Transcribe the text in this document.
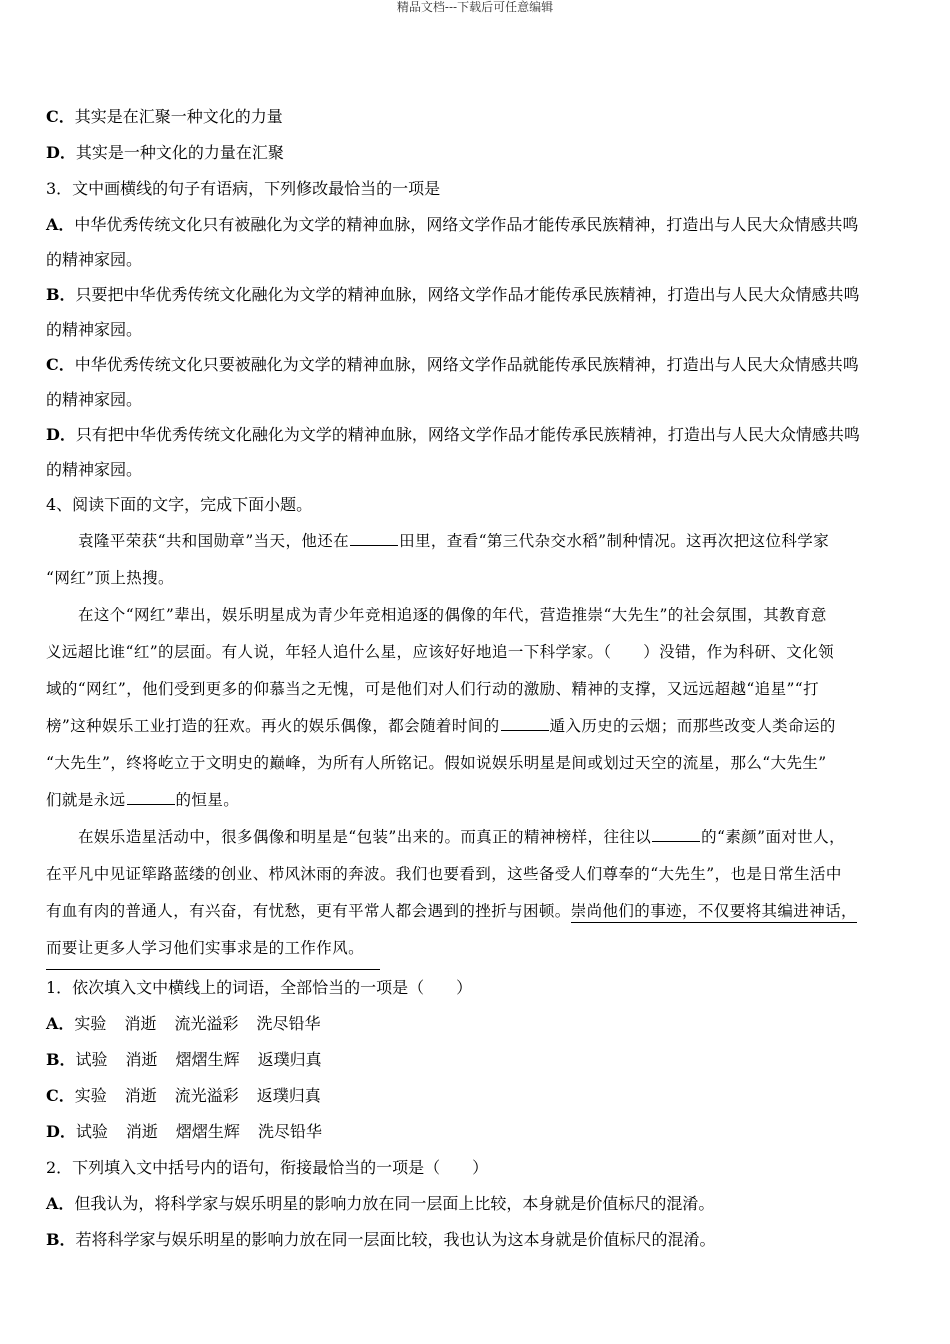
精品文档---下载后可任意编辑
C．其实是在汇聚一种文化的力量
D．其实是一种文化的力量在汇聚
3．文中画横线的句子有语病，下列修改最恰当的一项是
A．中华优秀传统文化只有被融化为文学的精神血脉，网络文学作品才能传承民族精神，打造出与人民大众情感共鸣
的精神家园。
B．只要把中华优秀传统文化融化为文学的精神血脉，网络文学作品才能传承民族精神，打造出与人民大众情感共鸣
的精神家园。
C．中华优秀传统文化只要被融化为文学的精神血脉，网络文学作品就能传承民族精神，打造出与人民大众情感共鸣
的精神家园。
D．只有把中华优秀传统文化融化为文学的精神血脉，网络文学作品才能传承民族精神，打造出与人民大众情感共鸣
的精神家园。
4、阅读下面的文字，完成下面小题。
袁隆平荣获“共和国勋章”当天，他还在	田里，查看“第三代杂交水稻”制种情况。这再次把这位科学家
“网红”顶上热搜。
在这个“网红”辈出，娱乐明星成为青少年竞相追逐的偶像的年代，营造推崇“大先生”的社会氛围，其教育意
义远超比谁“红”的层面。有人说，年轻人追什么星，应该好好地追一下科学家。（　　）没错，作为科研、文化领
域的“网红”，他们受到更多的仰慕当之无愧，可是他们对人们行动的激励、精神的支撑，又远远超越“追星”“打
榜”这种娱乐工业打造的狂欢。再火的娱乐偶像，都会随着时间的	遁入历史的云烟；而那些改变人类命运的
“大先生”，终将屹立于文明史的巅峰，为所有人所铭记。假如说娱乐明星是间或划过天空的流星，那么“大先生”
们就是永远	的恒星。
在娱乐造星活动中，很多偶像和明星是“包装”出来的。而真正的精神榜样，往往以	的“素颜”面对世人，
在平凡中见证筚路蓝缕的创业、栉风沐雨的奔波。我们也要看到，这些备受人们尊奉的“大先生”，也是日常生活中
有血有肉的普通人，有兴奋，有忧愁，更有平常人都会遇到的挫折与困顿。崇尚他们的事迹，不仅要将其编进神话，
而要让更多人学习他们实事求是的工作作风。
1．依次填入文中横线上的词语，全部恰当的一项是（　　）
A．实验 消逝 流光溢彩 洗尽铅华
B．试验 消逝 熠熠生辉 返璞归真
C．实验 消逝 流光溢彩 返璞归真
D．试验 消逝 熠熠生辉 洗尽铅华
2．下列填入文中括号内的语句，衔接最恰当的一项是（　　）
A．但我认为，将科学家与娱乐明星的影响力放在同一层面上比较，本身就是价值标尺的混淆。
B．若将科学家与娱乐明星的影响力放在同一层面比较，我也认为这本身就是价值标尺的混淆。
